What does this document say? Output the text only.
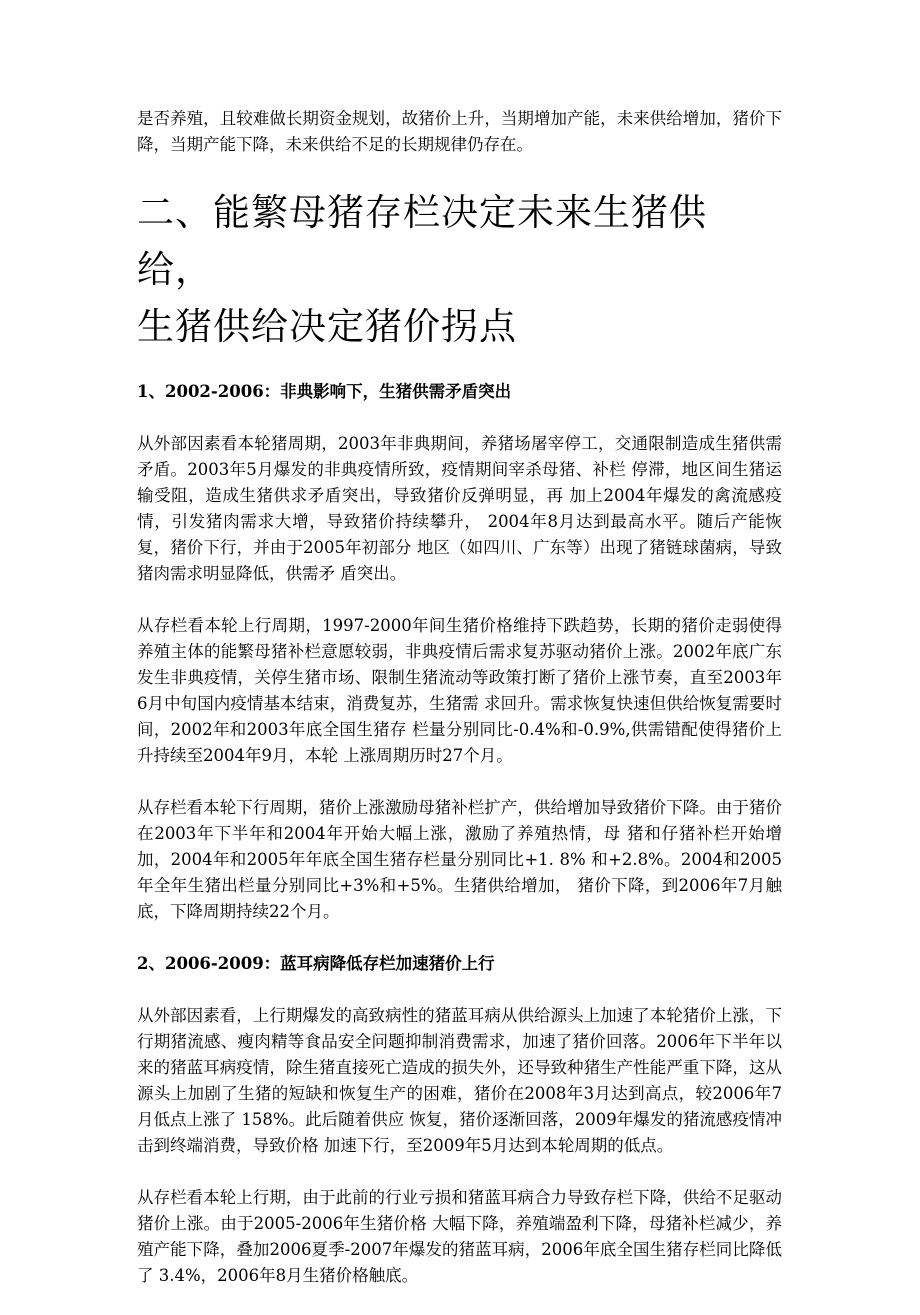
是否养殖，且较难做长期资金规划，故猪价上升，当期增加产能，未来供给增加，猪价下降，当期产能下降，未来供给不足的长期规律仍存在。

二、能繁母猪存栏决定未来生猪供给，

生猪供给决定猪价拐点

1、2002-2006：非典影响下，生猪供需矛盾突出

从外部因素看本轮猪周期，2003年非典期间，养猪场屠宰停工，交通限制造成生猪供需矛盾。2003年5月爆发的非典疫情所致，疫情期间宰杀母猪、补栏 停滞，地区间生猪运输受阻，造成生猪供求矛盾突出，导致猪价反弹明显，再 加上2004年爆发的禽流感疫情，引发猪肉需求大增，导致猪价持续攀升， 2004年8月达到最高水平。随后产能恢复，猪价下行，并由于2005年初部分 地区（如四川、广东等）出现了猪链球菌病，导致猪肉需求明显降低，供需矛 盾突出。

从存栏看本轮上行周期，1997-2000年间生猪价格维持下跌趋势，长期的猪价走弱使得养殖主体的能繁母猪补栏意愿较弱，非典疫情后需求复苏驱动猪价上涨。2002年底广东发生非典疫情，关停生猪市场、限制生猪流动等政策打断了猪价上涨节奏，直至2003年6月中旬国内疫情基本结束，消费复苏，生猪需 求回升。需求恢复快速但供给恢复需要时间，2002年和2003年底全国生猪存 栏量分别同比-0.4%和-0.9%,供需错配使得猪价上升持续至2004年9月，本轮 上涨周期历时27个月。

从存栏看本轮下行周期，猪价上涨激励母猪补栏扩产，供给增加导致猪价下降。由于猪价在2003年下半年和2004年开始大幅上涨，激励了养殖热情，母 猪和仔猪补栏开始增加，2004年和2005年年底全国生猪存栏量分别同比+1. 8% 和+2.8%。2004和2005年全年生猪出栏量分别同比+3%和+5%。生猪供给增加， 猪价下降，到2006年7月触底，下降周期持续22个月。

2、2006-2009：蓝耳病降低存栏加速猪价上行

从外部因素看，上行期爆发的高致病性的猪蓝耳病从供给源头上加速了本轮猪价上涨，下行期猪流感、瘦肉精等食品安全问题抑制消费需求，加速了猪价回落。2006年下半年以来的猪蓝耳病疫情，除生猪直接死亡造成的损失外，还导致种猪生产性能严重下降，这从源头上加剧了生猪的短缺和恢复生产的困难，猪价在2008年3月达到高点，较2006年7月低点上涨了 158%。此后随着供应 恢复，猪价逐渐回落，2009年爆发的猪流感疫情冲击到终端消费，导致价格 加速下行，至2009年5月达到本轮周期的低点。

从存栏看本轮上行期，由于此前的行业亏损和猪蓝耳病合力导致存栏下降，供给不足驱动猪价上涨。由于2005-2006年生猪价格 大幅下降，养殖端盈利下降，母猪补栏减少，养殖产能下降，叠加2006夏季-2007年爆发的猪蓝耳病，2006年底全国生猪存栏同比降低了 3.4%，2006年8月生猪价格触底。
